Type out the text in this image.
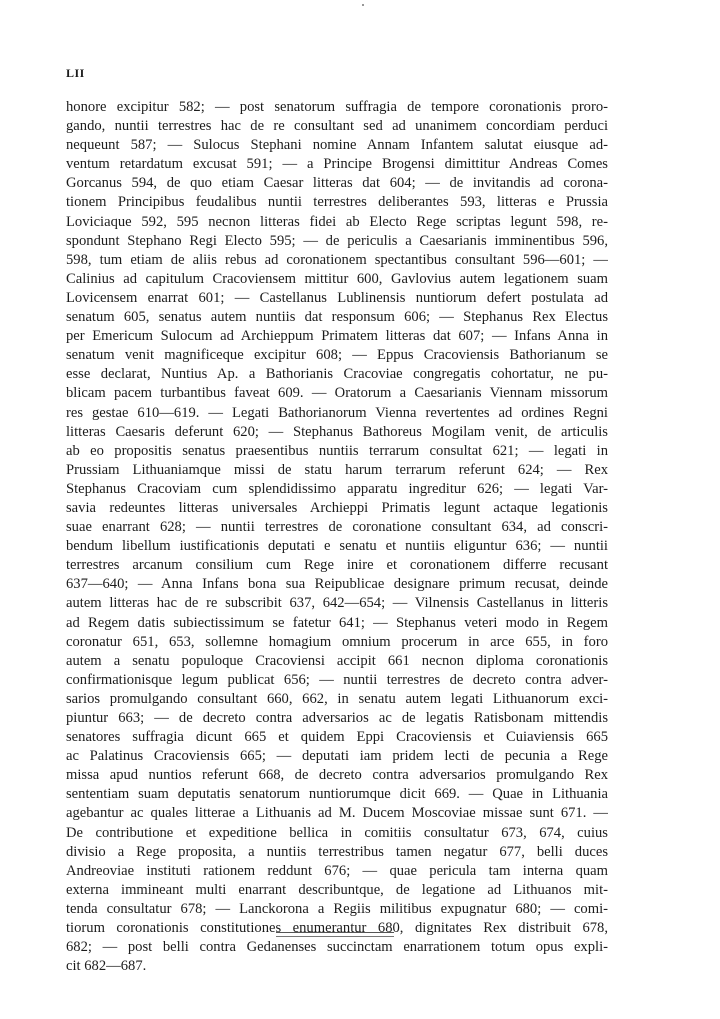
LII
honore excipitur 582; — post senatorum suffragia de tempore coronationis proro-
gando, nuntii terrestres hac de re consultant sed ad unanimem concordiam perduci
nequeunt 587; — Sulocus Stephani nomine Annam Infantem salutat eiusque ad-
ventum retardatum excusat 591; — a Principe Brogensi dimittitur Andreas Comes
Gorcanus 594, de quo etiam Caesar litteras dat 604; — de invitandis ad corona-
tionem Principibus feudalibus nuntii terrestres deliberantes 593, litteras e Prussia
Loviciaque 592, 595 necnon litteras fidei ab Electo Rege scriptas legunt 598, re-
spondunt Stephano Regi Electo 595; — de periculis a Caesarianis imminentibus 596,
598, tum etiam de aliis rebus ad coronationem spectantibus consultant 596—601; —
Calinius ad capitulum Cracoviensem mittitur 600, Gavlovius autem legationem suam
Lovicensem enarrat 601; — Castellanus Lublinensis nuntiorum defert postulata ad
senatum 605, senatus autem nuntiis dat responsum 606; — Stephanus Rex Electus
per Emericum Sulocum ad Archieppum Primatem litteras dat 607; — Infans Anna in
senatum venit magnificeque excipitur 608; — Eppus Cracoviensis Bathorianum se
esse declarat, Nuntius Ap. a Bathorianis Cracoviae congregatis cohortatur, ne pu-
blicam pacem turbantibus faveat 609. — Oratorum a Caesarianis Viennam missorum
res gestae 610—619. — Legati Bathorianorum Vienna revertentes ad ordines Regni
litteras Caesaris deferunt 620; — Stephanus Bathoreus Mogilam venit, de articulis
ab eo propositis senatus praesentibus nuntiis terrarum consultat 621; — legati in
Prussiam Lithuaniamque missi de statu harum terrarum referunt 624; — Rex
Stephanus Cracoviam cum splendidissimo apparatu ingreditur 626; — legati Var-
savia redeuntes litteras universales Archieppi Primatis legunt actaque legationis
suae enarrant 628; — nuntii terrestres de coronatione consultant 634, ad conscri-
bendum libellum iustificationis deputati e senatu et nuntiis eliguntur 636; — nuntii
terrestres arcanum consilium cum Rege inire et coronationem differre recusant
637—640; — Anna Infans bona sua Reipublicae designare primum recusat, deinde
autem litteras hac de re subscribit 637, 642—654; — Vilnensis Castellanus in litteris
ad Regem datis subiectissimum se fatetur 641; — Stephanus veteri modo in Regem
coronatur 651, 653, sollemne homagium omnium procerum in arce 655, in foro
autem a senatu populoque Cracoviensi accipit 661 necnon diploma coronationis
confirmationisque legum publicat 656; — nuntii terrestres de decreto contra adver-
sarios promulgando consultant 660, 662, in senatu autem legati Lithuanorum exci-
piuntur 663; — de decreto contra adversarios ac de legatis Ratisbonam mittendis
senatores suffragia dicunt 665 et quidem Eppi Cracoviensis et Cuiaviensis 665
ac Palatinus Cracoviensis 665; — deputati iam pridem lecti de pecunia a Rege
missa apud nuntios referunt 668, de decreto contra adversarios promulgando Rex
sententiam suam deputatis senatorum nuntiorumque dicit 669. — Quae in Lithuania
agebantur ac quales litterae a Lithuanis ad M. Ducem Moscoviae missae sunt 671. —
De contributione et expeditione bellica in comitiis consultatur 673, 674, cuius
divisio a Rege proposita, a nuntiis terrestribus tamen negatur 677, belli duces
Andreoviae instituti rationem reddunt 676; — quae pericula tam interna quam
externa immineant multi enarrant describuntque, de legatione ad Lithuanos mit-
tenda consultatur 678; — Lanckorona a Regiis militibus expugnatur 680; — comi-
tiorum coronationis constitutiones enumerantur 680, dignitates Rex distribuit 678,
682; — post belli contra Gedanenses succinctam enarrationem totum opus expli-
cit 682—687.
